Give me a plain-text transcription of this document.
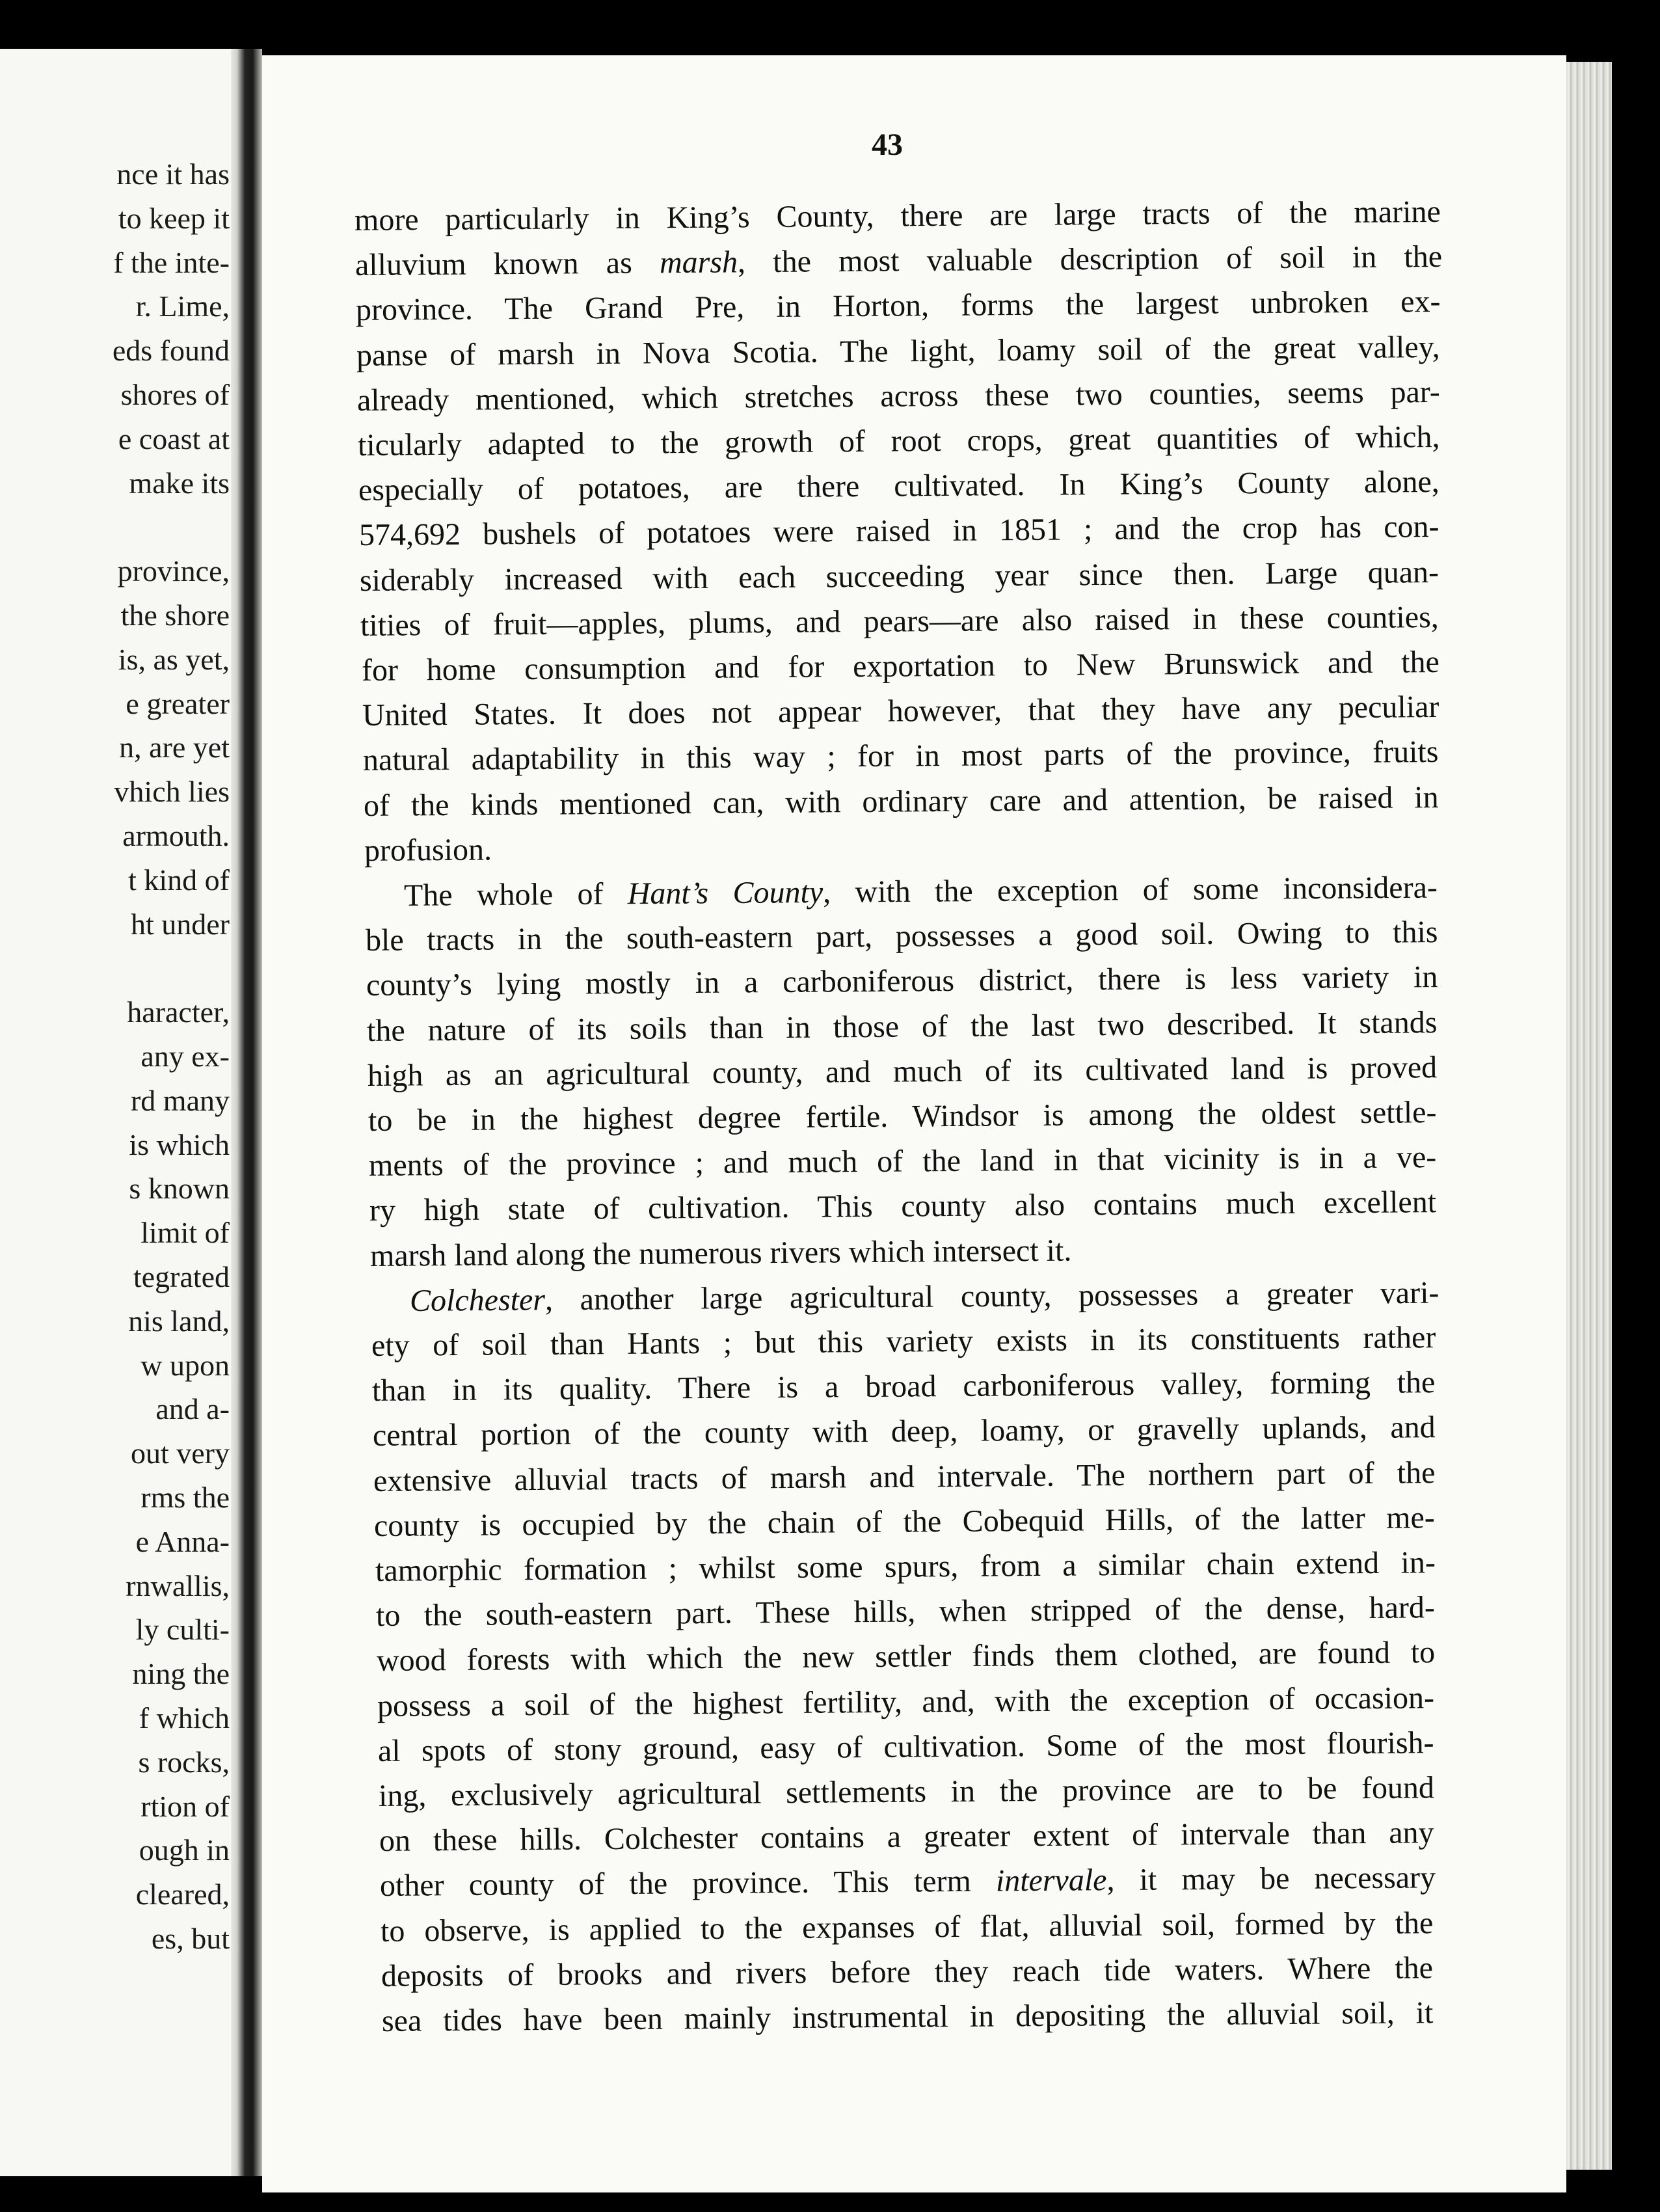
nce it has
to keep it
f the inte-
r. Lime,
eds found
shores of
e coast at
make its
province,
the shore
is, as yet,
e greater
n, are yet
vhich lies
armouth.
t kind of
ht under
haracter,
any ex-
rd many
is which
s known
limit of
tegrated
nis land,
w upon
and a-
out very
rms the
e Anna-
rnwallis,
ly culti-
ning the
f which
s rocks,
rtion of
ough in
cleared,
es, but
43
more particularly in King’s County, there are large tracts of the marine
alluvium known as marsh, the most valuable description of soil in the
province. The Grand Pre, in Horton, forms the largest unbroken ex-
panse of marsh in Nova Scotia. The light, loamy soil of the great valley,
already mentioned, which stretches across these two counties, seems par-
ticularly adapted to the growth of root crops, great quantities of which,
especially of potatoes, are there cultivated. In King’s County alone,
574,692 bushels of potatoes were raised in 1851 ; and the crop has con-
siderably increased with each succeeding year since then. Large quan-
tities of fruit—apples, plums, and pears—are also raised in these counties,
for home consumption and for exportation to New Brunswick and the
United States. It does not appear however, that they have any peculiar
natural adaptability in this way ; for in most parts of the province, fruits
of the kinds mentioned can, with ordinary care and attention, be raised in
profusion.
The whole of Hant’s County, with the exception of some inconsidera-
ble tracts in the south-eastern part, possesses a good soil. Owing to this
county’s lying mostly in a carboniferous district, there is less variety in
the nature of its soils than in those of the last two described. It stands
high as an agricultural county, and much of its cultivated land is proved
to be in the highest degree fertile. Windsor is among the oldest settle-
ments of the province ; and much of the land in that vicinity is in a ve-
ry high state of cultivation. This county also contains much excellent
marsh land along the numerous rivers which intersect it.
Colchester, another large agricultural county, possesses a greater vari-
ety of soil than Hants ; but this variety exists in its constituents rather
than in its quality. There is a broad carboniferous valley, forming the
central portion of the county with deep, loamy, or gravelly uplands, and
extensive alluvial tracts of marsh and intervale. The northern part of the
county is occupied by the chain of the Cobequid Hills, of the latter me-
tamorphic formation ; whilst some spurs, from a similar chain extend in-
to the south-eastern part. These hills, when stripped of the dense, hard-
wood forests with which the new settler finds them clothed, are found to
possess a soil of the highest fertility, and, with the exception of occasion-
al spots of stony ground, easy of cultivation. Some of the most flourish-
ing, exclusively agricultural settlements in the province are to be found
on these hills. Colchester contains a greater extent of intervale than any
other county of the province. This term intervale, it may be necessary
to observe, is applied to the expanses of flat, alluvial soil, formed by the
deposits of brooks and rivers before they reach tide waters. Where the
sea tides have been mainly instrumental in depositing the alluvial soil, it
